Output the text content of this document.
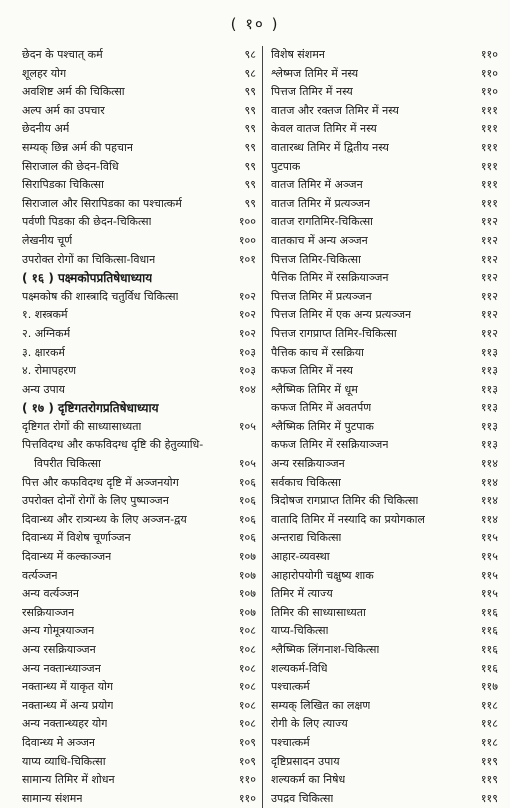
( १० )
छेदन के पश्चात् कर्म	९८
शूलहर योग	९८
अवशिष्ट अर्म की चिकित्सा	९९
अल्प अर्म का उपचार	९९
छेदनीय अर्म	९९
सम्यक् छिन्न अर्म की पहचान	९९
सिराजाल की छेदन-विधि	९९
सिरापिडका चिकित्सा	९९
सिराजाल और सिरापिडका का पश्चात्कर्म	९९
पर्वणी पिडका की छेदन-चिकित्सा	१००
लेखनीय चूर्ण	१००
उपरोक्त रोगों का चिकित्सा-विधान	१०१
( १६ ) पक्ष्मकोपप्रतिषेधाध्याय
पक्ष्मकोष की शास्त्रादि चतुर्विध चिकित्सा	१०२
१. शस्त्रकर्म	१०२
२. अग्निकर्म	१०२
३. क्षारकर्म	१०३
४. रोमापहरण	१०३
अन्य उपाय	१०४
( १७ ) दृष्टिगतरोगप्रतिषेधाध्याय
दृष्टिगत रोगों की साध्यासाध्यता	१०५
पित्तविदग्ध और कफविदग्ध दृष्टि की हेतुव्याधि-
विपरीत चिकित्सा	१०५
पित्त और कफविदग्ध दृष्टि में अञ्जनयोग	१०६
उपरोक्त दोनों रोगों के लिए पुष्पाञ्जन	१०६
दिवान्ध्य और रात्र्यन्ध्य के लिए अञ्जन-द्वय	१०६
दिवान्ध्य में विशेष चूर्णाञ्जन	१०६
दिवान्ध्य में कल्काञ्जन	१०७
वर्त्यञ्जन	१०७
अन्य वर्त्यञ्जन	१०७
रसक्रियाञ्जन	१०७
अन्य गोमूत्रयाञ्जन	१०८
अन्य रसक्रियाञ्जन	१०८
अन्य नक्तान्ध्याञ्जन	१०८
नक्तान्ध्य में याकृत योग	१०८
नक्तान्ध्य में अन्य प्रयोग	१०८
अन्य नक्तान्ध्यहर योग	१०८
दिवान्ध्य मे अञ्जन	१०९
याप्य व्याधि-चिकित्सा	१०९
सामान्य तिमिर में शोधन	११०
सामान्य संशमन	११०
विशेष संशमन	११०
श्लेष्मज तिमिर में नस्य	११०
पित्तज तिमिर में नस्य	११०
वातज और रक्तज तिमिर में नस्य	१११
केवल वातज तिमिर में नस्य	१११
वातारब्ध तिमिर में द्वितीय नस्य	१११
पुटपाक	१११
वातज तिमिर में अञ्जन	१११
वातज तिमिर में प्रत्यञ्जन	१११
वातज रागतिमिर-चिकित्सा	११२
वातकाच में अन्य अञ्जन	११२
पित्तज तिमिर-चिकित्सा	११२
पैत्तिक तिमिर में रसक्रियाञ्जन	११२
पित्तज तिमिर में प्रत्यञ्जन	११२
पित्तज तिमिर में एक अन्य प्रत्यञ्जन	११२
पित्तज रागप्राप्त तिमिर-चिकित्सा	११२
पैत्तिक काच में रसक्रिया	११३
कफज तिमिर में नस्य	११३
श्लैष्मिक तिमिर में धूम	११३
कफज तिमिर में अवतर्पण	११३
श्लैष्मिक तिमिर में पुटपाक	११३
कफज तिमिर में रसक्रियाञ्जन	११३
अन्य रसक्रियाञ्जन	११४
सर्वकाच चिकित्सा	११४
त्रिदोषज रागप्राप्त तिमिर की चिकित्सा	११४
वातादि तिमिर में नस्यादि का प्रयोगकाल	११४
अन्तराद्य चिकित्सा	११५
आहार-व्यवस्था	११५
आहारोपयोगी चक्षुष्य शाक	११५
तिमिर में त्याज्य	११५
तिमिर की साध्यासाध्यता	११६
याप्य-चिकित्सा	११६
श्लैष्मिक लिंगनाश-चिकित्सा	११६
शल्यकर्म-विधि	११६
पश्चात्कर्म	११७
सम्यक् लिखित का लक्षण	११८
रोगी के लिए त्याज्य	११८
पश्चात्कर्म	११८
दृष्टिप्रसादन उपाय	११९
शल्यकर्म का निषेध	११९
उपद्रव चिकित्सा	११९
